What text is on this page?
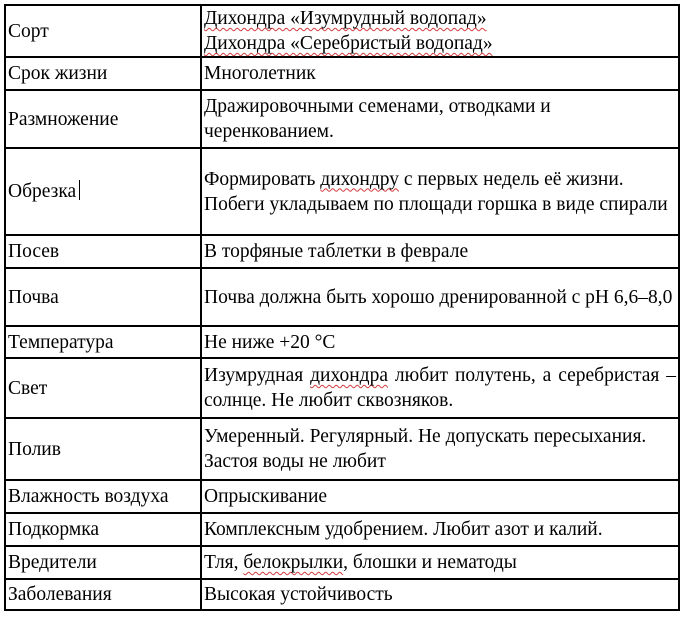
Сорт	Дихондра «Изумрудный водопад»
Дихондра «Серебристый водопад»

Срок жизни	Многолетник
Размножение	Дражировочными семенами, отводками и черенкованием.
Обрезка	Формировать дихондру с первых недель её жизни. Побеги укладываем по площади горшка в виде спирали
Посев	В торфяные таблетки в феврале
Почва	Почва должна быть хорошо дренированной с pH 6,6–8,0
Температура	Не ниже +20 °C
Свет	Изумрудная дихондра любит полутень, а серебристая – солнце. Не любит сквозняков.
Полив	Умеренный. Регулярный. Не допускать пересыхания. Застоя воды не любит
Влажность воздуха	Опрыскивание
Подкормка	Комплексным удобрением. Любит азот и калий.
Вредители	Тля, белокрылки, блошки и нематоды
Заболевания	Высокая устойчивость
